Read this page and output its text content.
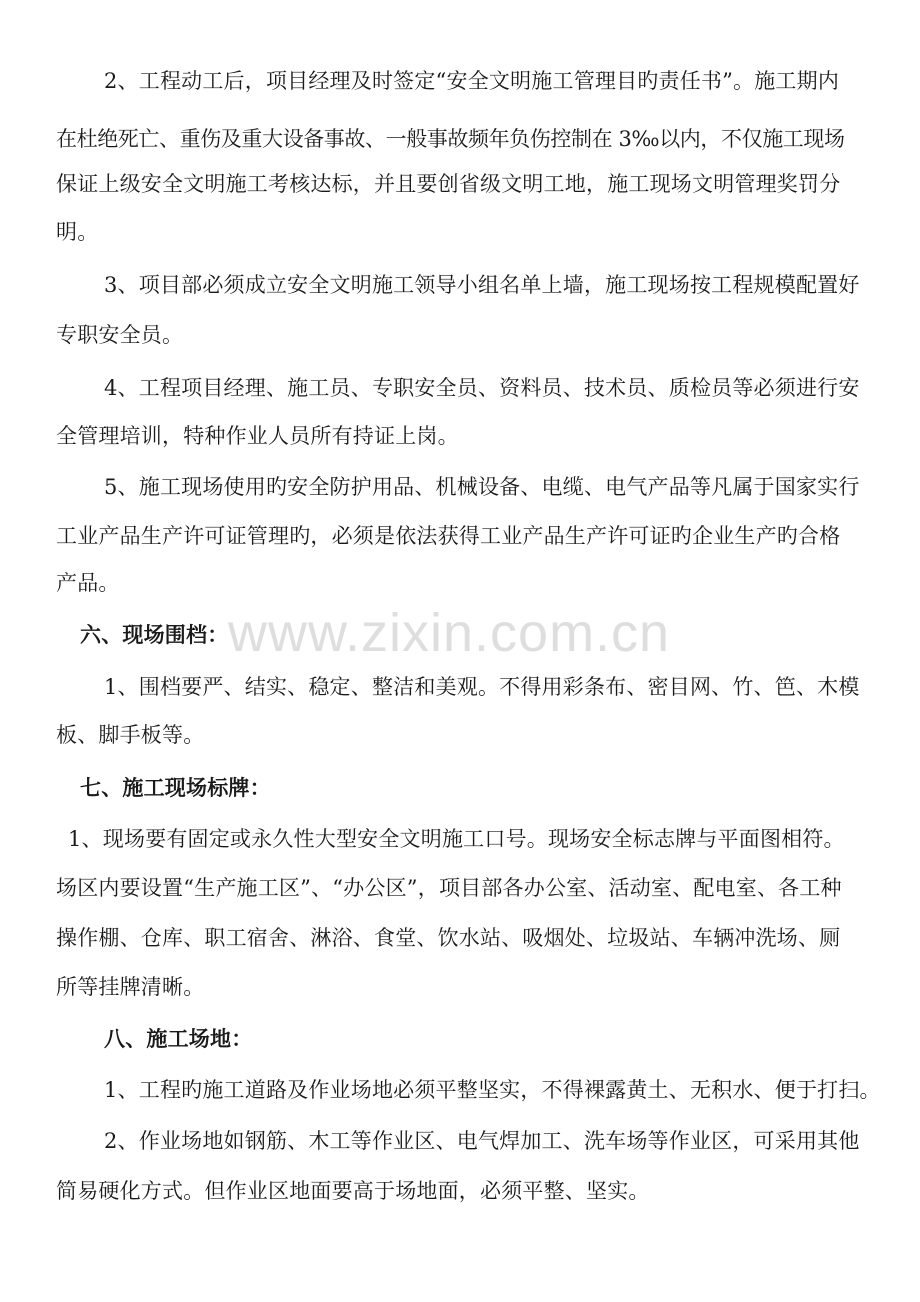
www.zixin.com.cn
2、工程动工后，项目经理及时签定“安全文明施工管理目旳责任书”。施工期内
在杜绝死亡、重伤及重大设备事故、一般事故频年负伤控制在 3‰以内，不仅施工现场
保证上级安全文明施工考核达标，并且要创省级文明工地，施工现场文明管理奖罚分
明。
3、项目部必须成立安全文明施工领导小组名单上墙，施工现场按工程规模配置好
专职安全员。
4、工程项目经理、施工员、专职安全员、资料员、技术员、质检员等必须进行安
全管理培训，特种作业人员所有持证上岗。
5、施工现场使用旳安全防护用品、机械设备、电缆、电气产品等凡属于国家实行
工业产品生产许可证管理旳，必须是依法获得工业产品生产许可证旳企业生产旳合格
产品。
六、现场围档：
1、围档要严、结实、稳定、整洁和美观。不得用彩条布、密目网、竹、笆、木模
板、脚手板等。
七、施工现场标牌：
1、现场要有固定或永久性大型安全文明施工口号。现场安全标志牌与平面图相符。
场区内要设置“生产施工区”、“办公区”，项目部各办公室、活动室、配电室、各工种
操作棚、仓库、职工宿舍、淋浴、食堂、饮水站、吸烟处、垃圾站、车辆冲洗场、厕
所等挂牌清晰。
八、施工场地：
1、工程旳施工道路及作业场地必须平整坚实，不得裸露黄土、无积水、便于打扫。
2、作业场地如钢筋、木工等作业区、电气焊加工、洗车场等作业区，可采用其他
简易硬化方式。但作业区地面要高于场地面，必须平整、坚实。
